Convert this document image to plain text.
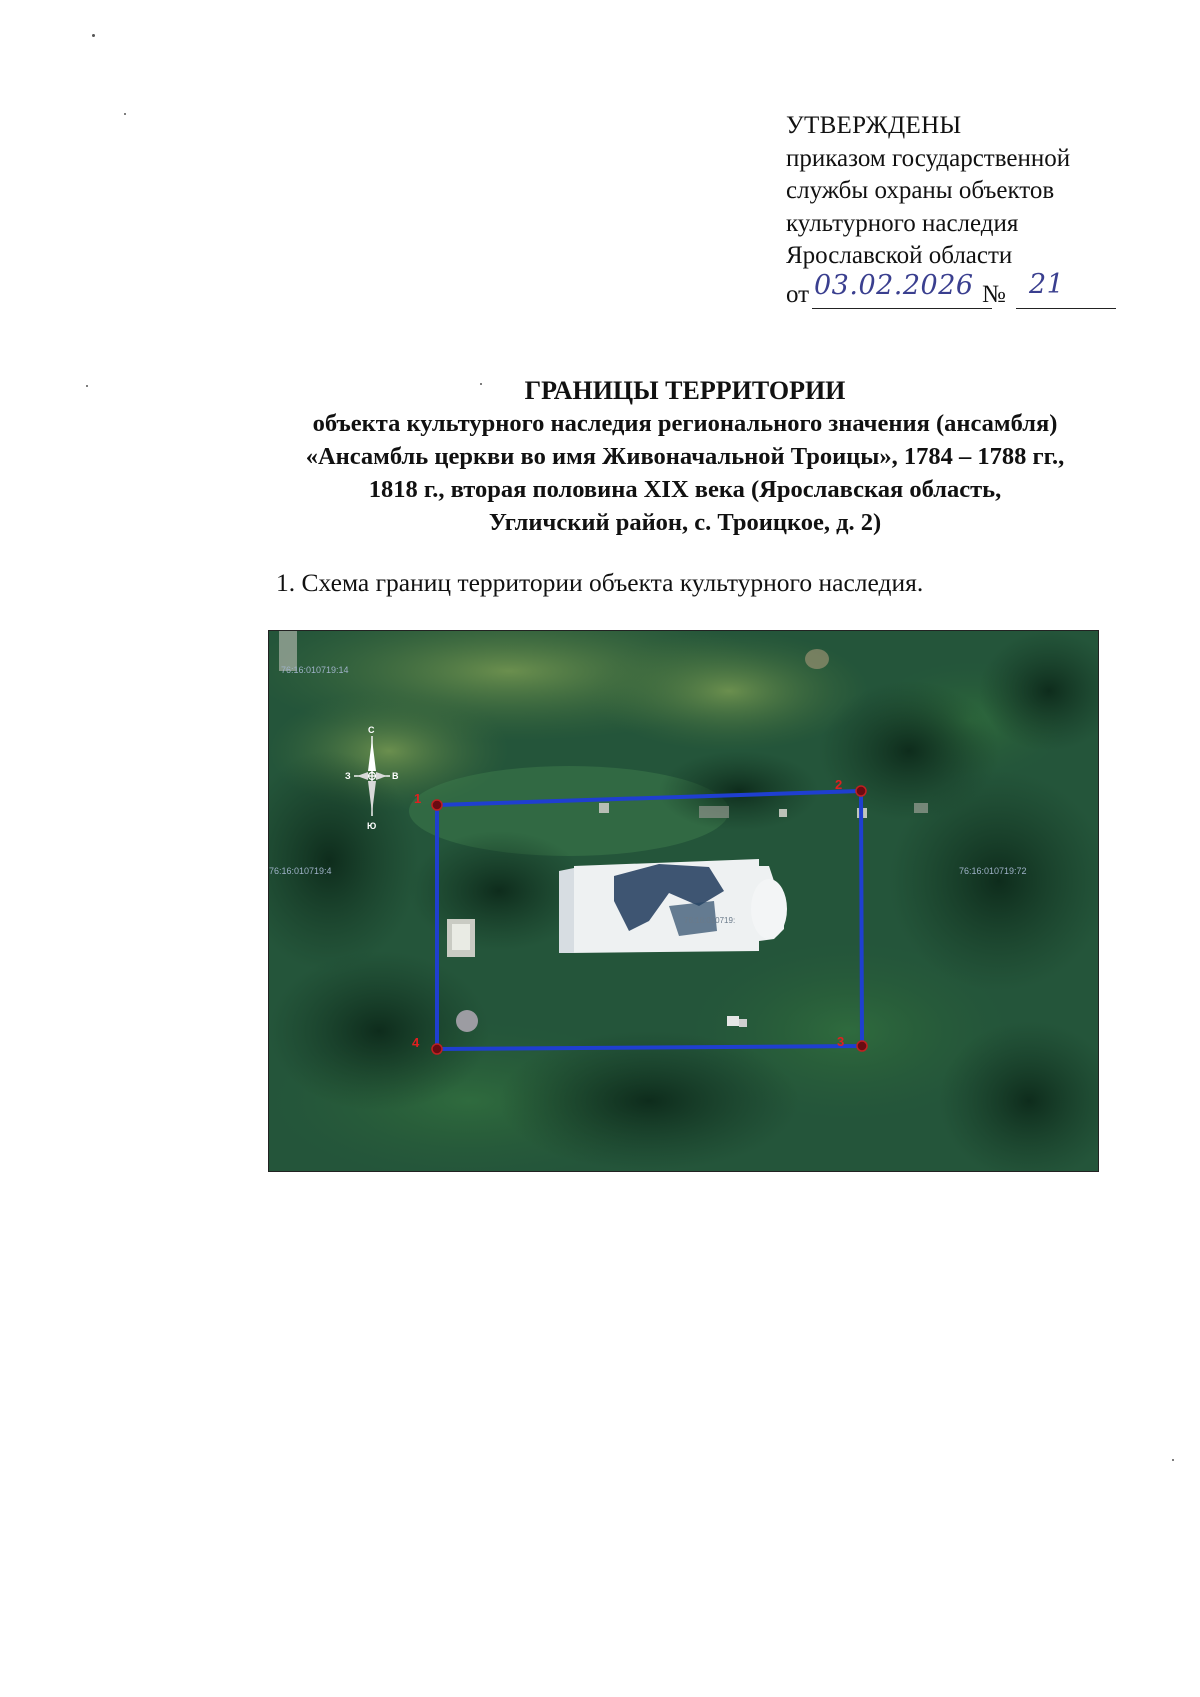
УТВЕРЖДЕНЫ
приказом государственной
службы охраны объектов
культурного наследия
Ярославской области
от 03.02.2026 № 21
ГРАНИЦЫ ТЕРРИТОРИИ
объекта культурного наследия регионального значения (ансамбля)
«Ансамбль церкви во имя Живоначальной Троицы», 1784 – 1788 гг.,
1818 г., вторая половина XIX века (Ярославская область,
Угличский район, с. Троицкое, д. 2)
1. Схема границ территории объекта культурного наследия.
76:16:010719:
76:16:010719:14
76:16:010719:4	76:16:010719:72
С
Ю
З	В
1
2
3
4
